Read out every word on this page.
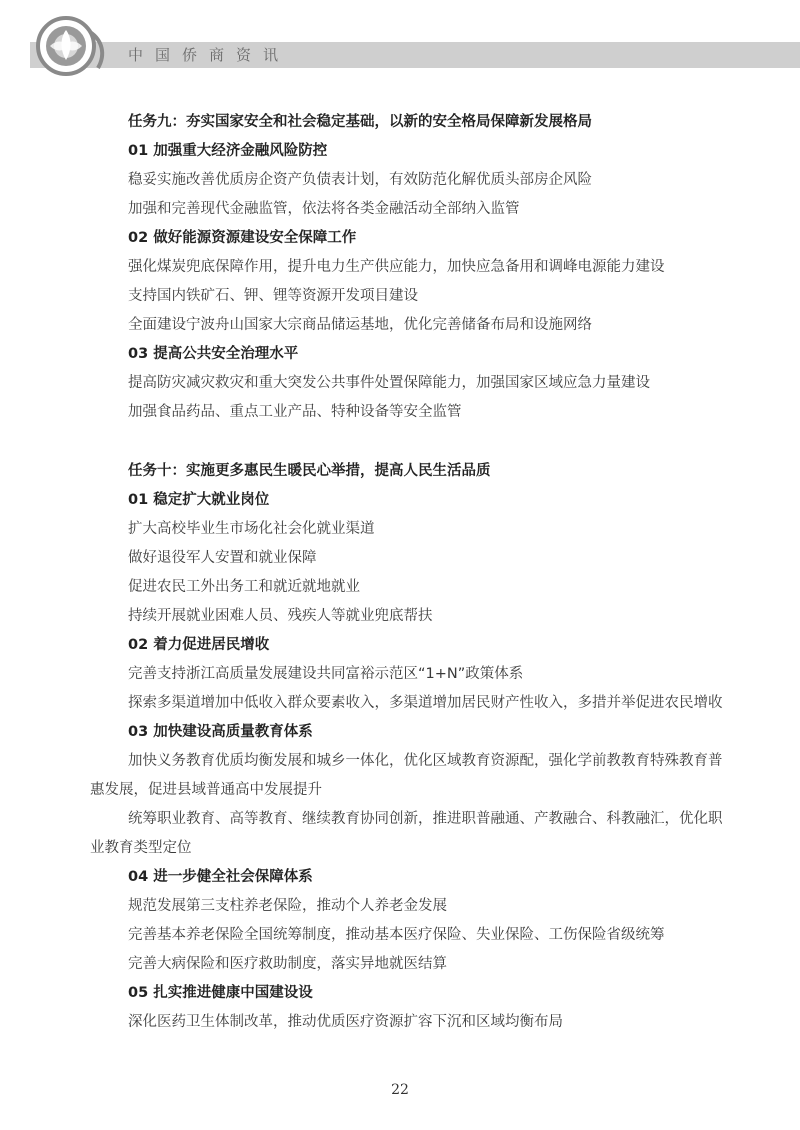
中国侨商资讯
任务九：夯实国家安全和社会稳定基础，以新的安全格局保障新发展格局
01 加强重大经济金融风险防控
稳妥实施改善优质房企资产负债表计划，有效防范化解优质头部房企风险
加强和完善现代金融监管，依法将各类金融活动全部纳入监管
02 做好能源资源建设安全保障工作
强化煤炭兜底保障作用，提升电力生产供应能力，加快应急备用和调峰电源能力建设
支持国内铁矿石、钾、锂等资源开发项目建设
全面建设宁波舟山国家大宗商品储运基地，优化完善储备布局和设施网络
03 提高公共安全治理水平
提高防灾减灾救灾和重大突发公共事件处置保障能力，加强国家区域应急力量建设
加强食品药品、重点工业产品、特种设备等安全监管
任务十：实施更多惠民生暖民心举措，提高人民生活品质
01 稳定扩大就业岗位
扩大高校毕业生市场化社会化就业渠道
做好退役军人安置和就业保障
促进农民工外出务工和就近就地就业
持续开展就业困难人员、残疾人等就业兜底帮扶
02 着力促进居民增收
完善支持浙江高质量发展建设共同富裕示范区“1+N”政策体系
探索多渠道增加中低收入群众要素收入，多渠道增加居民财产性收入，多措并举促进农民增收
03 加快建设高质量教育体系
加快义务教育优质均衡发展和城乡一体化，优化区域教育资源配，强化学前教教育特殊教育普惠发展，促进县域普通高中发展提升
统筹职业教育、高等教育、继续教育协同创新，推进职普融通、产教融合、科教融汇，优化职业教育类型定位
04 进一步健全社会保障体系
规范发展第三支柱养老保险，推动个人养老金发展
完善基本养老保险全国统筹制度，推动基本医疗保险、失业保险、工伤保险省级统筹
完善大病保险和医疗救助制度，落实异地就医结算
05 扎实推进健康中国建设设
深化医药卫生体制改革，推动优质医疗资源扩容下沉和区域均衡布局
22
